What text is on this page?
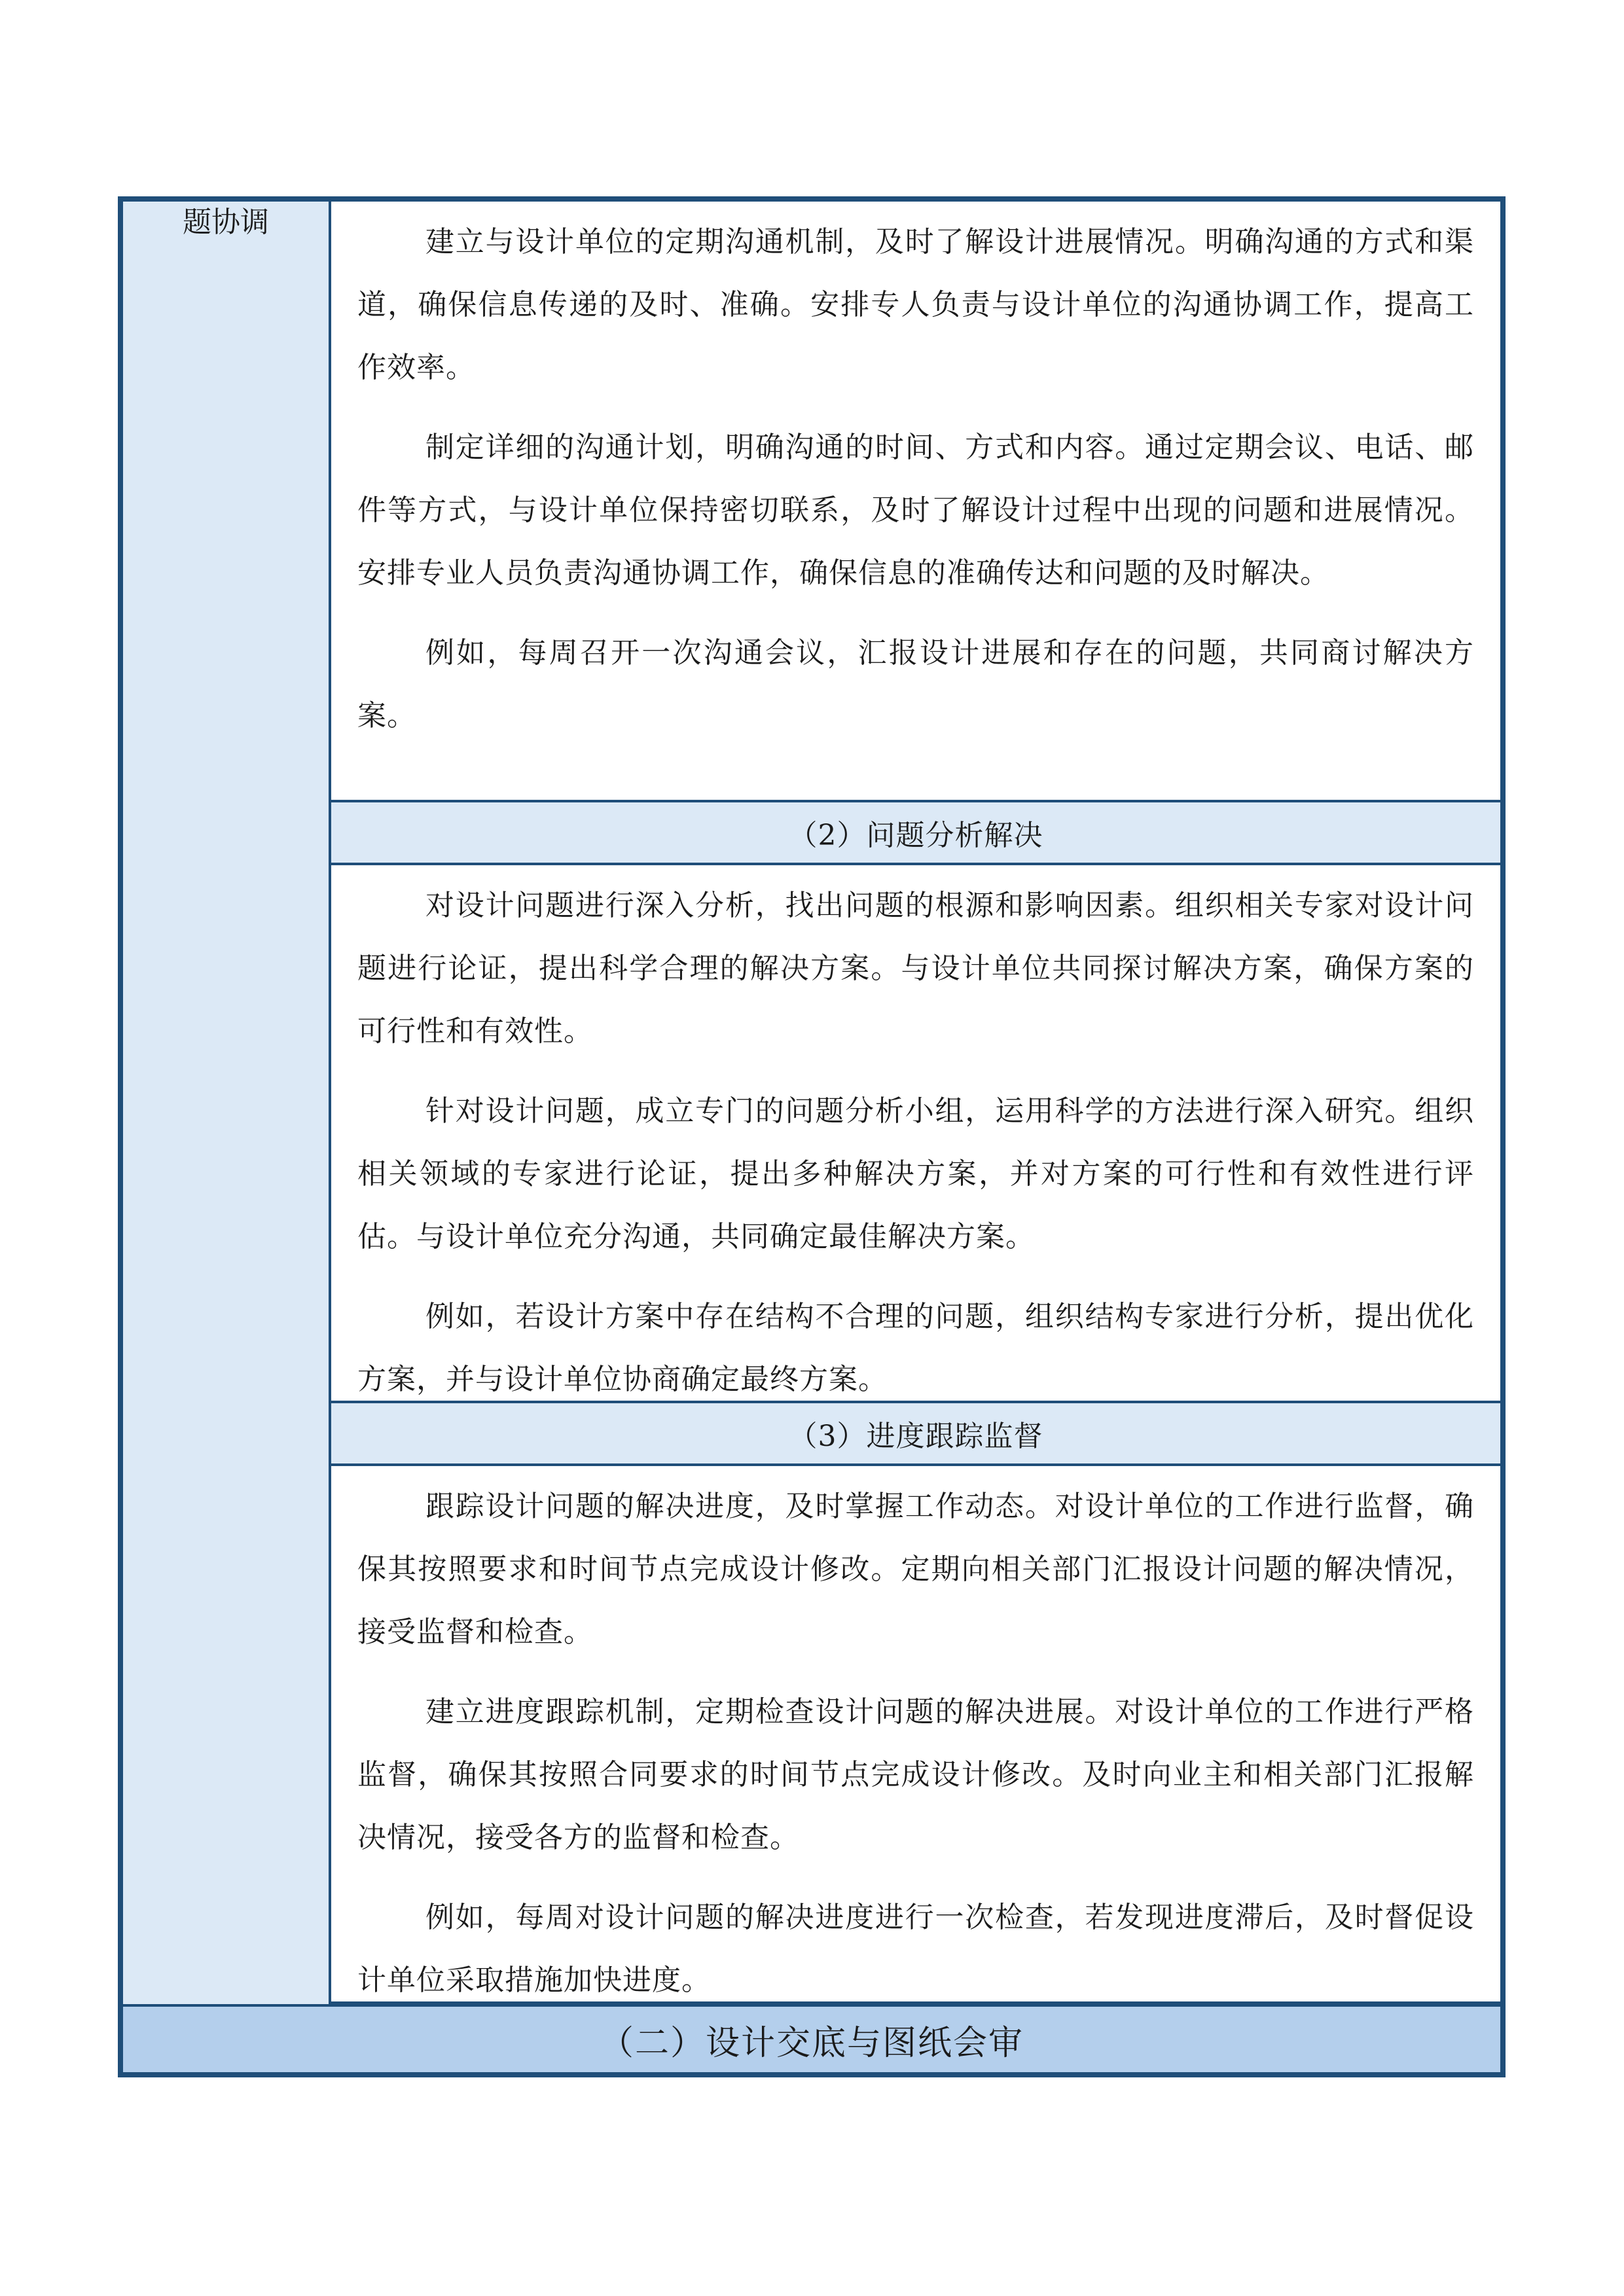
题协调

建立与设计单位的定期沟通机制，及时了解设计进展情况。明确沟通的方式和渠道，确保信息传递的及时、准确。安排专人负责与设计单位的沟通协调工作，提高工作效率。

制定详细的沟通计划，明确沟通的时间、方式和内容。通过定期会议、电话、邮件等方式，与设计单位保持密切联系，及时了解设计过程中出现的问题和进展情况。安排专业人员负责沟通协调工作，确保信息的准确传达和问题的及时解决。

例如，每周召开一次沟通会议，汇报设计进展和存在的问题，共同商讨解决方案。

（2）问题分析解决

对设计问题进行深入分析，找出问题的根源和影响因素。组织相关专家对设计问题进行论证，提出科学合理的解决方案。与设计单位共同探讨解决方案，确保方案的可行性和有效性。

针对设计问题，成立专门的问题分析小组，运用科学的方法进行深入研究。组织相关领域的专家进行论证，提出多种解决方案，并对方案的可行性和有效性进行评估。与设计单位充分沟通，共同确定最佳解决方案。

例如，若设计方案中存在结构不合理的问题，组织结构专家进行分析，提出优化方案，并与设计单位协商确定最终方案。

（3）进度跟踪监督

跟踪设计问题的解决进度，及时掌握工作动态。对设计单位的工作进行监督，确保其按照要求和时间节点完成设计修改。定期向相关部门汇报设计问题的解决情况，接受监督和检查。

建立进度跟踪机制，定期检查设计问题的解决进展。对设计单位的工作进行严格监督，确保其按照合同要求的时间节点完成设计修改。及时向业主和相关部门汇报解决情况，接受各方的监督和检查。

例如，每周对设计问题的解决进度进行一次检查，若发现进度滞后，及时督促设计单位采取措施加快进度。

（二）设计交底与图纸会审
